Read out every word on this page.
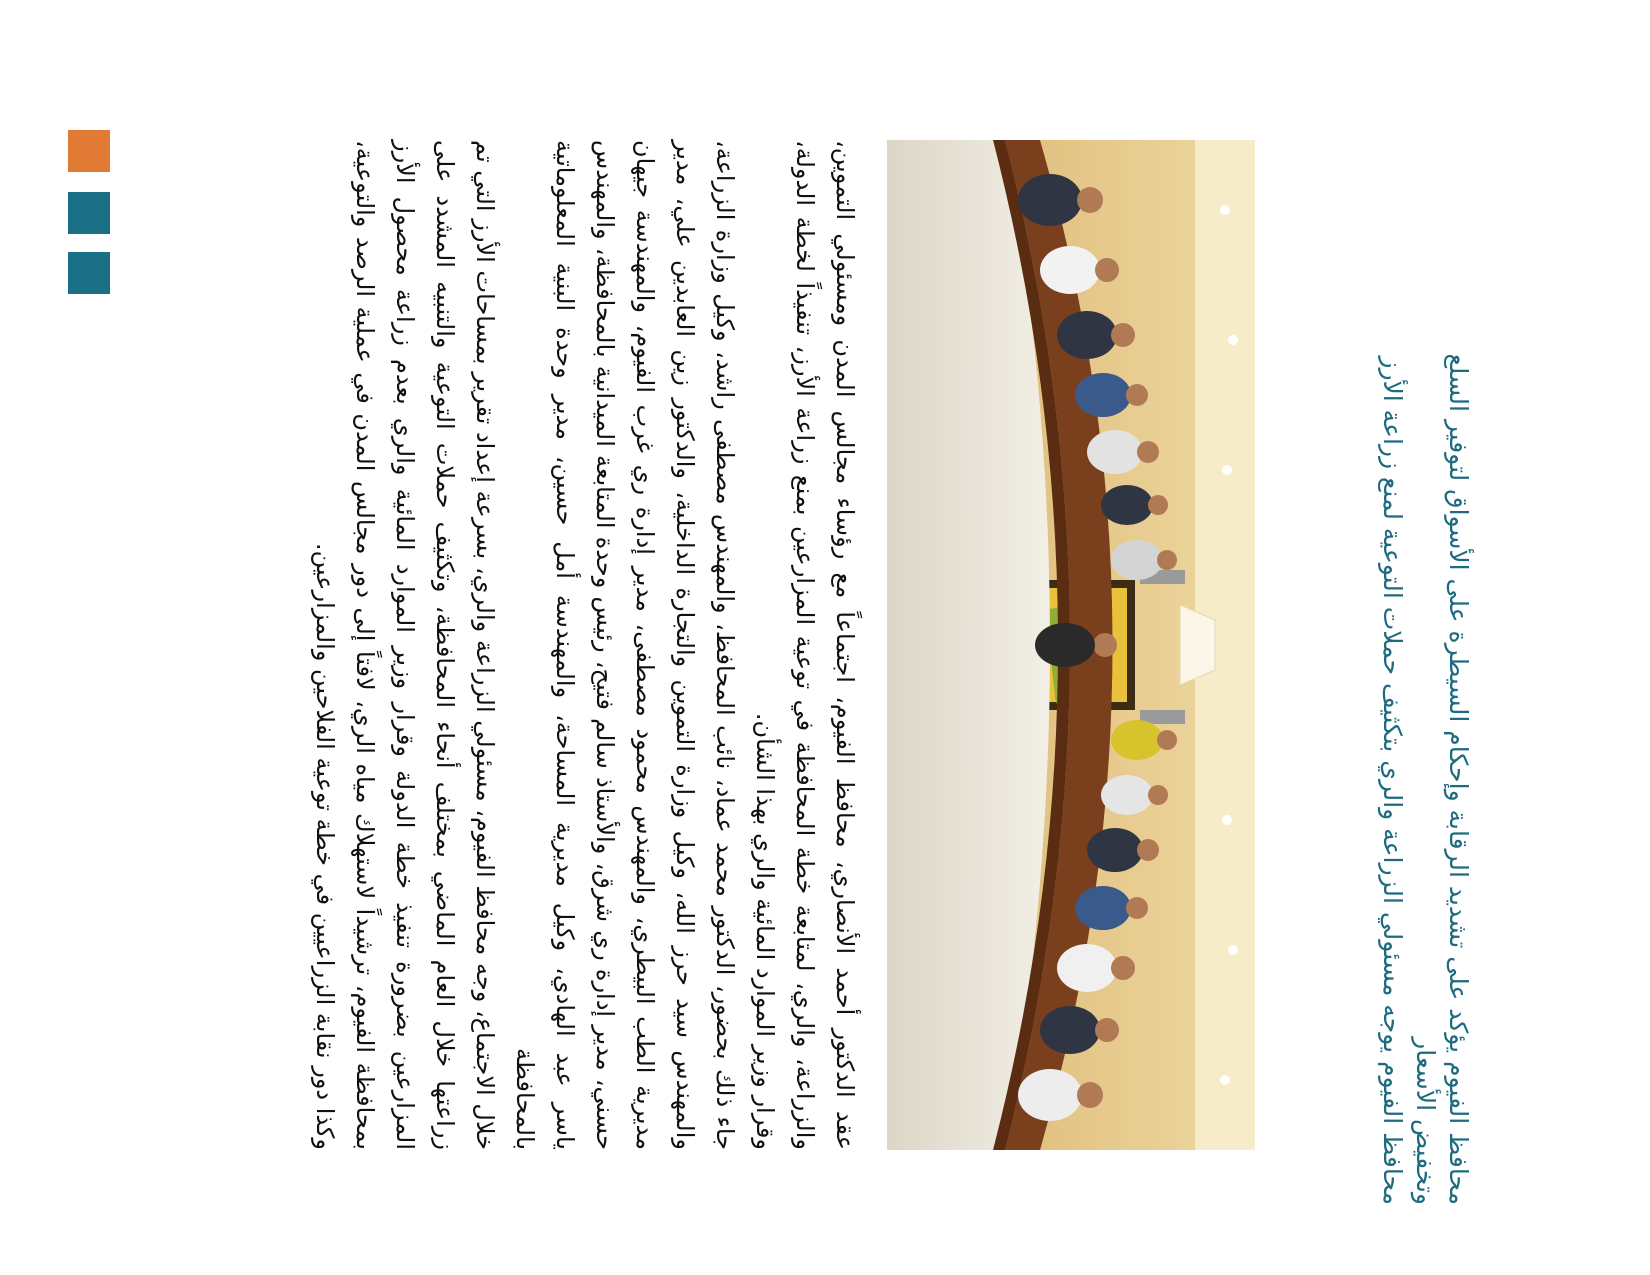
محافظ الفيوم يؤكد على تشديد الرقابة وإحكام السيطرة على الأسواق لتوفير السلع
وتخفيض الأسعار
محافظ الفيوم يوجه مسئولي الزراعة والري بتكثيف حملات التوعية لمنع زراعة الأرز

عقد الدكتور أحمد الأنصاري، محافظ الفيوم، اجتماعاً مع رؤساء مجالس المدن ومسئولي التموين، والزراعة، والري، لمتابعة خطة المحافظة في توعية المزارعين بمنع زراعة الأرز، تنفيذاً لخطة الدولة، وقرار وزير الموارد المائية والري بهذا الشأن.

جاء ذلك بحضور، الدكتور محمد عماد، نائب المحافظ، والمهندس مصطفى راشد، وكيل وزارة الزراعة، والمهندس سيد حرز الله، وكيل وزارة التموين والتجارة الداخلية، والدكتور زين العابدين علي، مدير مديرية الطب البيطري، والمهندس محمود مصطفى، مدير إدارة ري غرب الفيوم، والمهندسة جيهان حسني، مدير إدارة ري شرق، والأستاذ سالم فتيح، رئيس وحدة المتابعة الميدانية بالمحافظة، والمهندس ياسر عبد الهادي، وكيل مديرية المساحة، والمهندسة أمل حسين، مدير وحدة البنية المعلوماتية بالمحافظة

خلال الاجتماع، وجه محافظ الفيوم، مسئولي الزراعة والري، بسرعة إعداد تقرير بمساحات الأرز التي تم زراعتها خلال العام الماضي بمختلف أنحاء المحافظة، وتكثيف حملات التوعية والتنبيه المشدد على المزارعين بضرورة تنفيذ خطة الدولة وقرار وزير الموارد المائية والري بعدم زراعة محصول الأرز بمحافظة الفيوم، ترشيداً لاستهلاك مياه الري، لافتاً إلى دور مجالس المدن في عملية الرصد والتوعية، وكذا دور نقابة الزراعيين في خطة توعية الفلاحين والمزارعين.
